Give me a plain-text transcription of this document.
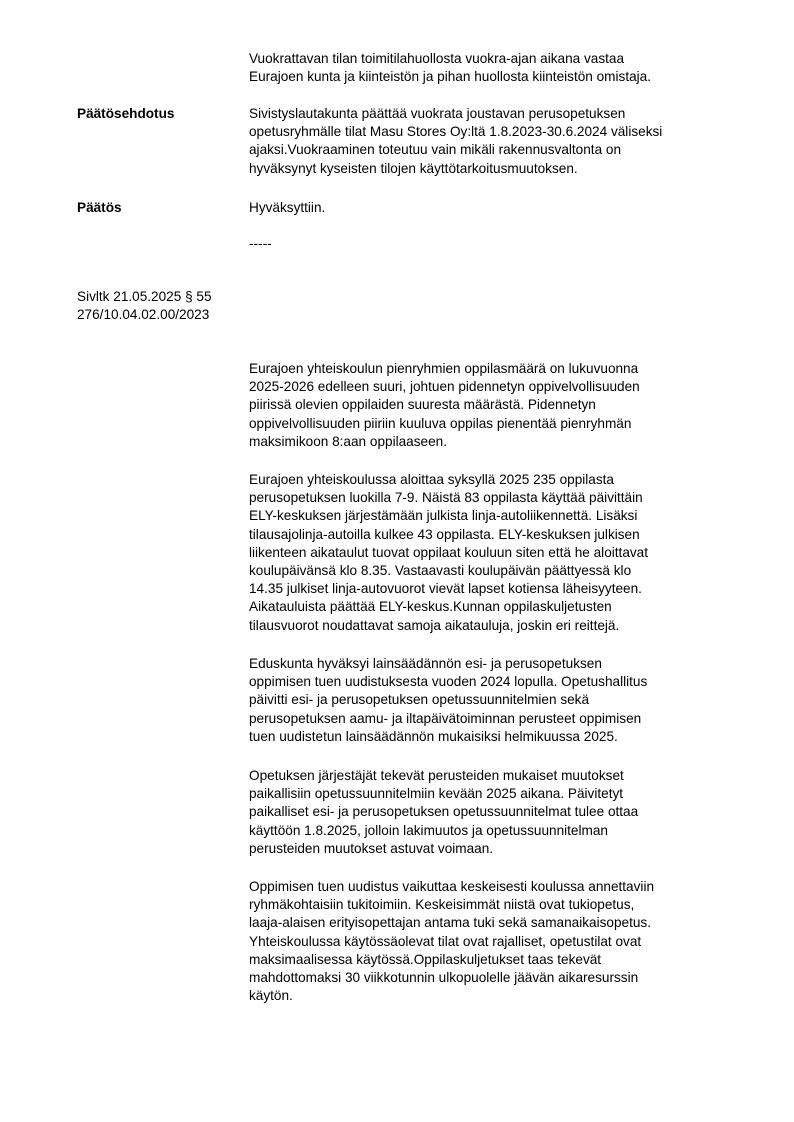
Vuokrattavan tilan toimitilahuollosta vuokra-ajan aikana vastaa
Eurajoen kunta ja kiinteistön ja pihan huollosta kiinteistön omistaja.
Päätösehdotus	Sivistyslautakunta päättää vuokrata joustavan perusopetuksen
opetusryhmälle tilat Masu Stores Oy:ltä 1.8.2023-30.6.2024 väliseksi
ajaksi.Vuokraaminen toteutuu vain mikäli rakennusvaltonta on
hyväksynyt kyseisten tilojen käyttötarkoitusmuutoksen.
Päätös	Hyväksyttiin.
-----
Sivltk 21.05.2025 § 55
276/10.04.02.00/2023
Eurajoen yhteiskoulun pienryhmien oppilasmäärä on lukuvuonna
2025-2026 edelleen suuri, johtuen pidennetyn oppivelvollisuuden
piirissä olevien oppilaiden suuresta määrästä. Pidennetyn
oppivelvollisuuden piiriin kuuluva oppilas pienentää pienryhmän
maksimikoon 8:aan oppilaaseen.
Eurajoen yhteiskoulussa aloittaa syksyllä 2025 235 oppilasta
perusopetuksen luokilla 7-9. Näistä 83 oppilasta käyttää päivittäin
ELY-keskuksen järjestämään julkista linja-autoliikennettä. Lisäksi
tilausajolinja-autoilla kulkee 43 oppilasta. ELY-keskuksen julkisen
liikenteen aikataulut tuovat oppilaat kouluun siten että he aloittavat
koulupäivänsä klo 8.35. Vastaavasti koulupäivän päättyessä klo
14.35 julkiset linja-autovuorot vievät lapset kotiensa läheisyyteen.
Aikatauluista päättää ELY-keskus.Kunnan oppilaskuljetusten
tilausvuorot noudattavat samoja aikatauluja, joskin eri reittejä.
Eduskunta hyväksyi lainsäädännön esi- ja perusopetuksen
oppimisen tuen uudistuksesta vuoden 2024 lopulla. Opetushallitus
päivitti esi- ja perusopetuksen opetussuunnitelmien sekä
perusopetuksen aamu- ja iltapäivätoiminnan perusteet oppimisen
tuen uudistetun lainsäädännön mukaisiksi helmikuussa 2025.
Opetuksen järjestäjät tekevät perusteiden mukaiset muutokset
paikallisiin opetussuunnitelmiin kevään 2025 aikana. Päivitetyt
paikalliset esi- ja perusopetuksen opetussuunnitelmat tulee ottaa
käyttöön 1.8.2025, jolloin lakimuutos ja opetussuunnitelman
perusteiden muutokset astuvat voimaan.
Oppimisen tuen uudistus vaikuttaa keskeisesti koulussa annettaviin
ryhmäkohtaisiin tukitoimiin. Keskeisimmät niistä ovat tukiopetus,
laaja-alaisen erityisopettajan antama tuki sekä samanaikaisopetus.
Yhteiskoulussa käytössäolevat tilat ovat rajalliset, opetustilat ovat
maksimaalisessa käytössä.Oppilaskuljetukset taas tekevät
mahdottomaksi 30 viikkotunnin ulkopuolelle jäävän aikaresurssin
käytön.
